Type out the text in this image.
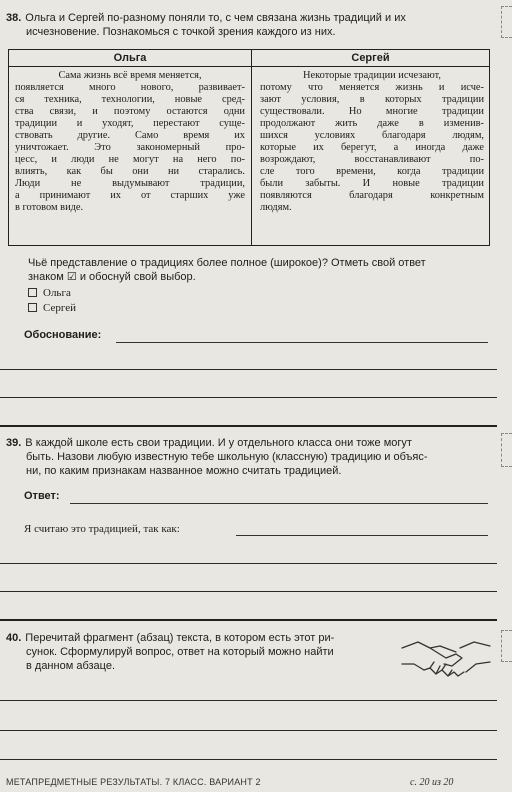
38. Ольга и Сергей по-разному поняли то, с чем связана жизнь традиций и их
исчезновение. Познакомься с точкой зрения каждого из них.
Ольга	Сергей
Сама жизнь всё время меняется,
появляется много нового, развивает-
ся техника, технологии, новые сред-
ства связи, и поэтому остаются одни
традиции и уходят, перестают суще-
ствовать другие. Само время их
уничтожает. Это закономерный про-
цесс, и люди не могут на него по-
влиять, как бы они ни старались.
Люди не выдумывают традиции,
а принимают их от старших уже
в готовом виде.
Некоторые традиции исчезают,
потому что меняется жизнь и исче-
зают условия, в которых традиции
существовали. Но многие традиции
продолжают жить даже в изменив-
шихся условиях благодаря людям,
которые их берегут, а иногда даже
возрождают, восстанавливают по-
сле того времени, когда традиции
были забыты. И новые традиции
появляются благодаря конкретным
людям.
Чьё представление о традициях более полное (широкое)? Отметь свой ответ
знаком ☑ и обоснуй свой выбор.
Ольга
Сергей
Обоснование:
39. В каждой школе есть свои традиции. И у отдельного класса они тоже могут
быть. Назови любую известную тебе школьную (классную) традицию и объяс-
ни, по каким признакам названное можно считать традицией.
Ответ:
Я считаю это традицией, так как:
40. Перечитай фрагмент (абзац) текста, в котором есть этот ри-
сунок. Сформулируй вопрос, ответ на который можно найти
в данном абзаце.
МЕТАПРЕДМЕТНЫЕ РЕЗУЛЬТАТЫ. 7 КЛАСС. ВАРИАНТ 2	с. 20 из 20
